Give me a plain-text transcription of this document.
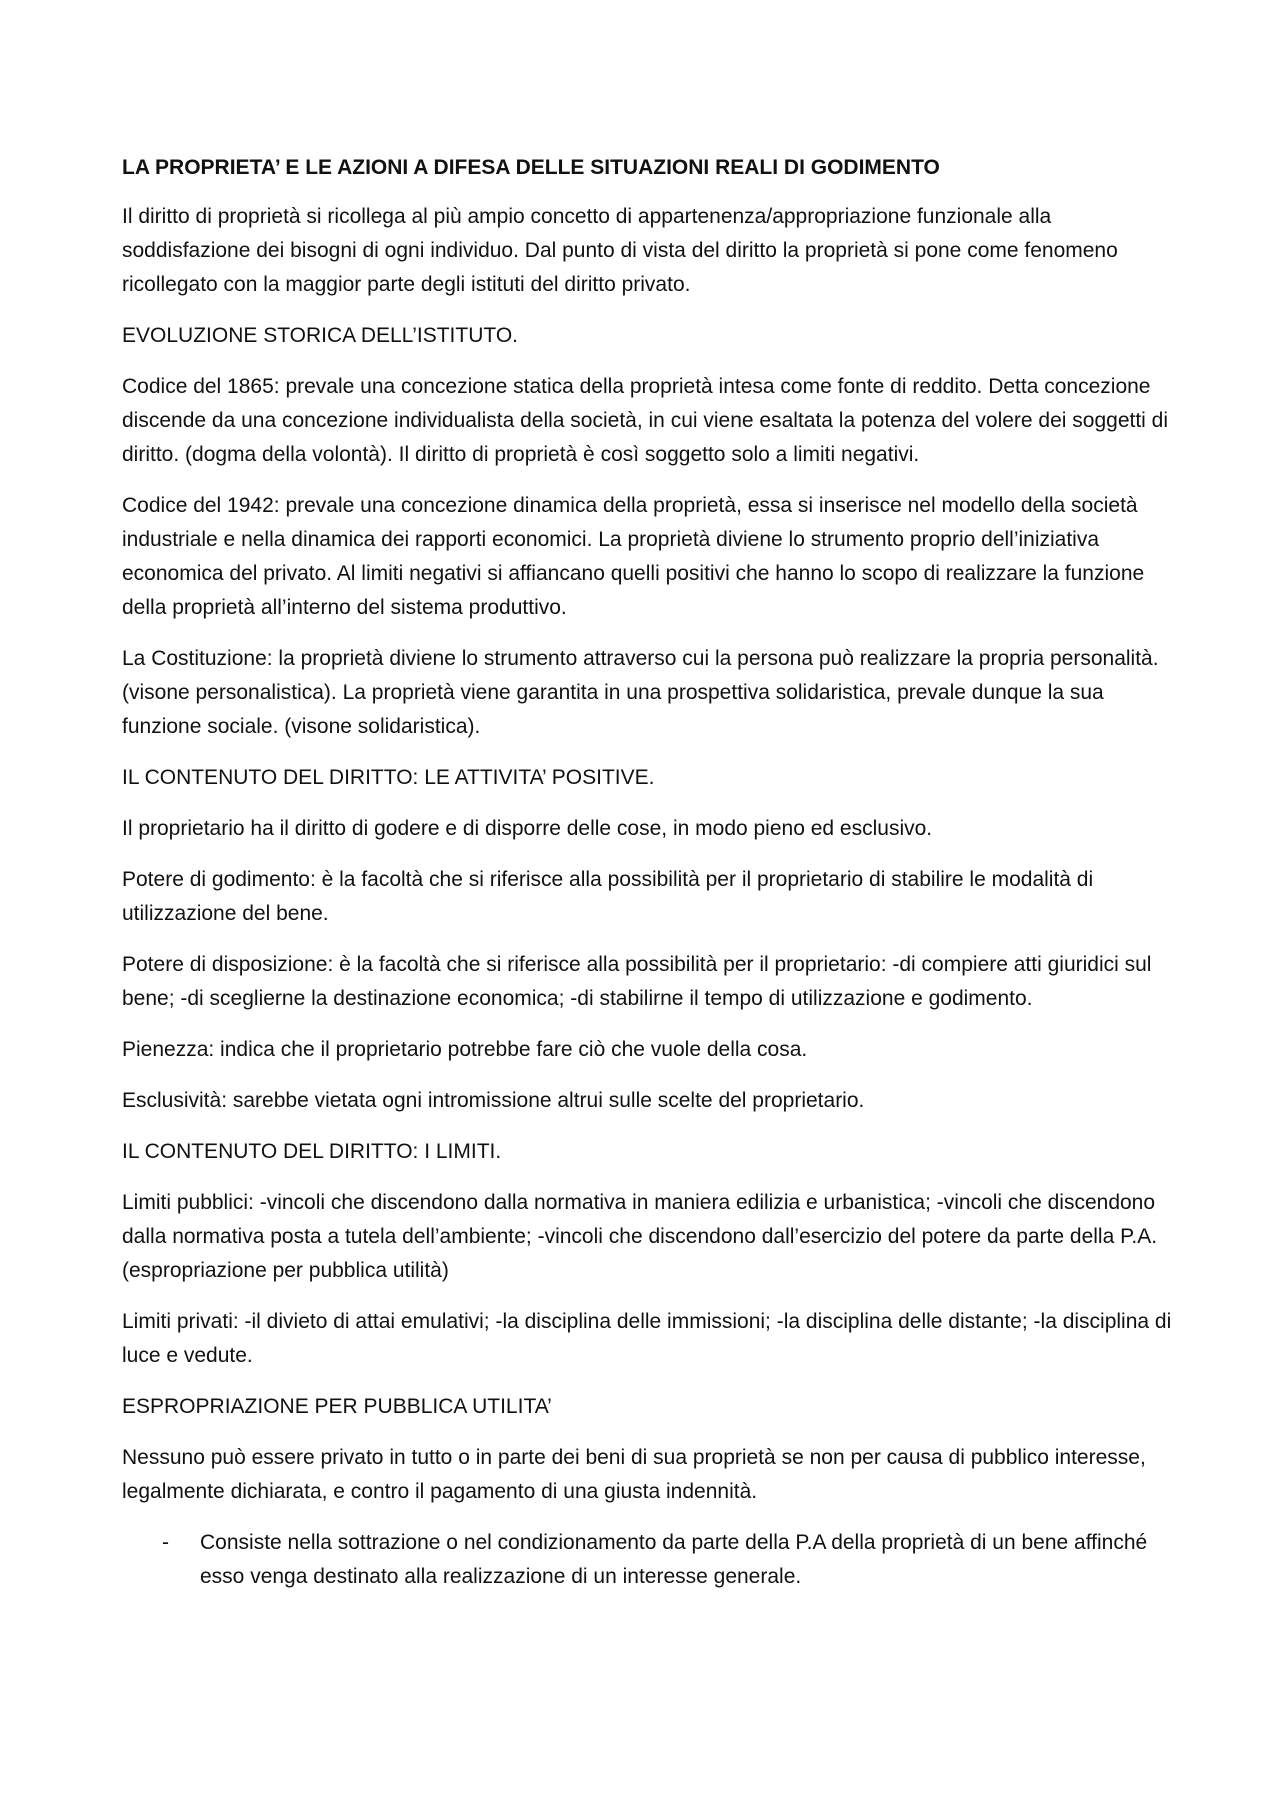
LA PROPRIETA’ E LE AZIONI A DIFESA DELLE SITUAZIONI REALI DI GODIMENTO

Il diritto di proprietà si ricollega al più ampio concetto di appartenenza/appropriazione funzionale alla soddisfazione dei bisogni di ogni individuo. Dal punto di vista del diritto la proprietà si pone come fenomeno ricollegato con la maggior parte degli istituti del diritto privato.

EVOLUZIONE STORICA DELL’ISTITUTO.

Codice del 1865: prevale una concezione statica della proprietà intesa come fonte di reddito. Detta concezione discende da una concezione individualista della società, in cui viene esaltata la potenza del volere dei soggetti di diritto. (dogma della volontà). Il diritto di proprietà è così soggetto solo a limiti negativi.

Codice del 1942: prevale una concezione dinamica della proprietà, essa si inserisce nel modello della società industriale e nella dinamica dei rapporti economici. La proprietà diviene lo strumento proprio dell’iniziativa economica del privato. Al limiti negativi si affiancano quelli positivi che hanno lo scopo di realizzare la funzione della proprietà all’interno del sistema produttivo.

La Costituzione: la proprietà diviene lo strumento attraverso cui la persona può realizzare la propria personalità. (visone personalistica). La proprietà viene garantita in una prospettiva solidaristica, prevale dunque la sua funzione sociale. (visone solidaristica).

IL CONTENUTO DEL DIRITTO: LE ATTIVITA’ POSITIVE.

Il proprietario ha il diritto di godere e di disporre delle cose, in modo pieno ed esclusivo.

Potere di godimento: è la facoltà che si riferisce alla possibilità per il proprietario di stabilire le modalità di utilizzazione del bene.

Potere di disposizione: è la facoltà che si riferisce alla possibilità per il proprietario: -di compiere atti giuridici sul bene; -di sceglierne la destinazione economica; -di stabilirne il tempo di utilizzazione e godimento.

Pienezza: indica che il proprietario potrebbe fare ciò che vuole della cosa.

Esclusività: sarebbe vietata ogni intromissione altrui sulle scelte del proprietario.

IL CONTENUTO DEL DIRITTO: I LIMITI.

Limiti pubblici: -vincoli che discendono dalla normativa in maniera edilizia e urbanistica; -vincoli che discendono dalla normativa posta a tutela dell’ambiente; -vincoli che discendono dall’esercizio del potere da parte della P.A. (espropriazione per pubblica utilità)

Limiti privati: -il divieto di attai emulativi; -la disciplina delle immissioni; -la disciplina delle distante; -la disciplina di luce e vedute.

ESPROPRIAZIONE PER PUBBLICA UTILITA’

Nessuno può essere privato in tutto o in parte dei beni di sua proprietà se non per causa di pubblico interesse, legalmente dichiarata, e contro il pagamento di una giusta indennità.

- Consiste nella sottrazione o nel condizionamento da parte della P.A della proprietà di un bene affinché esso venga destinato alla realizzazione di un interesse generale.
